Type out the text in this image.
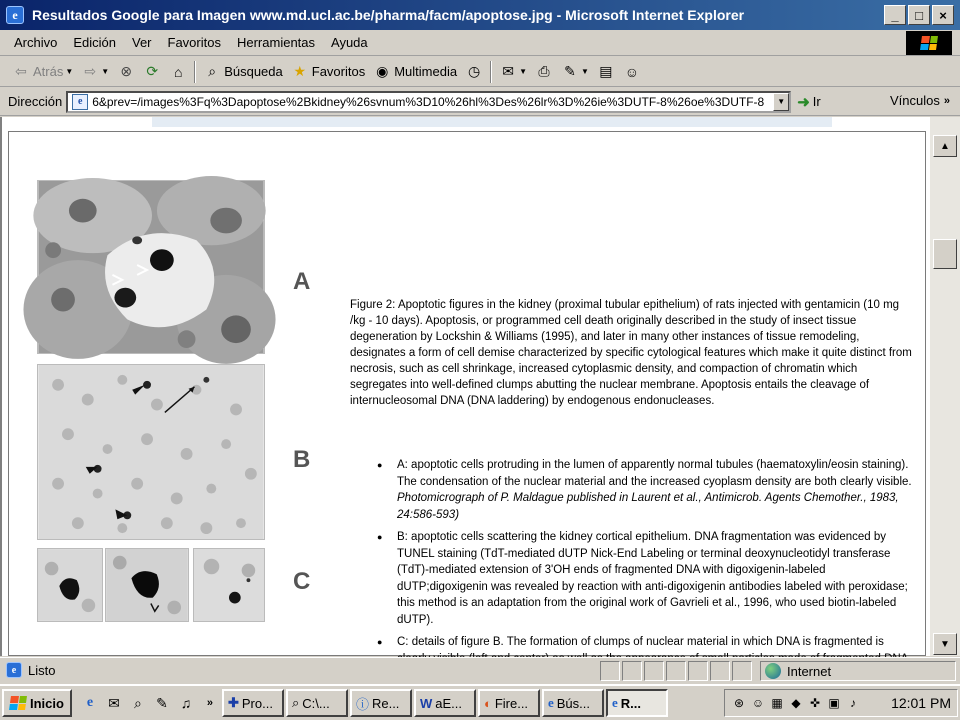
e	Resultados Google para Imagen www.md.ucl.ac.be/pharma/facm/apoptose.jpg - Microsoft Internet Explorer	_	□	×
Archivo	Edición	Ver	Favoritos	Herramientas	Ayuda
⇦ Atrás ▼ ⇨ ▼ ⊗ ⟳	⌂	⌕ Búsqueda ★ Favoritos ◉ Multimedia ◷ ✉ ▼ ⎙ ✎ ▼ ▤ ☺
Dirección	e 6&prev=/images%3Fq%3Dapoptose%2Bkidney%26svnum%3D10%26hl%3Des%26lr%3D%26ie%3DUTF-8%26oe%3DUTF-8	▼ ➜ Ir	Vínculos »
A
B
C
Figure 2: Apoptotic figures in the kidney (proximal tubular epithelium) of rats injected with gentamicin (10 mg /kg - 10 days). Apoptosis, or programmed cell death originally described in the study of insect tissue degeneration by Lockshin & Williams (1995), and later in many other instances of tissue remodeling, designates a form of cell demise characterized by specific cytological features which make it quite distinct from necrosis, such as cell shrinkage, increased cytoplasmic density, and compaction of chromatin which segregates into well-defined clumps abutting the nuclear membrane. Apoptosis entails the cleavage of internucleosomal DNA (DNA laddering) by endogenous endonucleases.
● A: apoptotic cells protruding in the lumen of apparently normal tubules (haematoxylin/eosin staining). The condensation of the nuclear material and the increased cyoplasm density are both clearly visible. Photomicrograph of P. Maldague published in Laurent et al., Antimicrob. Agents Chemother., 1983, 24:586-593)
● B: apoptotic cells scattering the kidney cortical epithelium. DNA fragmentation was evidenced by TUNEL staining (TdT-mediated dUTP Nick-End Labeling or terminal deoxynucleotidyl transferase (TdT)-mediated extension of 3'OH ends of fragmented DNA with digoxigenin-labeled dUTP;digoxigenin was revealed by reaction with anti-digoxigenin antibodies labeled with peroxidase; this method is an adaptation from the original work of Gavrieli et al., 1996, who used biotin-labeled dUTP).
● C: details of figure B. The formation of clumps of nuclear material in which DNA is fragmented is

▲
▼
e Listo	Internet
Inicio	e	✉	⌕	✎ ♫	»	✚ Pro... ⌕ C:\... ⓘ Re... W aE... ◐ Fire... e Bús... e R...	⊛ ☺ ▦ ◆ ✜ ▣ ♪	12:01 PM
